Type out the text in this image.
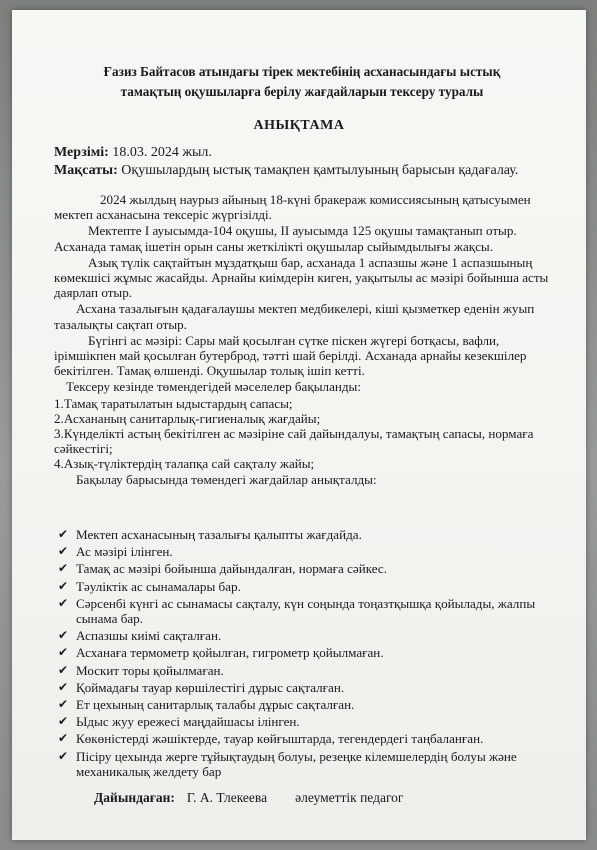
Ғазиз Байтасов атындағы тірек мектебінің асханасындағы ыстық
тамақтың оқушыларға берілу жағдайларын тексеру туралы
АНЫҚТАМА
Мерзімі: 18.03. 2024 жыл.
Мақсаты: Оқушылардың ыстық тамақпен қамтылуының барысын қадағалау.

2024 жылдың наурыз айының 18-күні бракераж комиссиясының қатысуымен мектеп асханасына тексеріс жүргізілді.

Мектепте І ауысымда-104 оқушы, ІІ ауысымда 125 оқушы тамақтанып отыр. Асханада тамақ ішетін орын саны жеткілікті оқушылар сыйымдылығы жақсы.

Азық түлік сақтайтын мұздатқыш бар, асханада 1 аспазшы және 1 аспазшының көмекшісі жұмыс жасайды. Арнайы киімдерін киген, уақытылы ас мәзірі бойынша асты даярлап отыр.

Асхана тазалығын қадағалаушы мектеп медбикелері, кіші қызметкер еденін жуып тазалықты сақтап отыр.

Бүгінгі ас мәзірі: Сары май қосылған сүтке піскен жүгері ботқасы, вафли, ірімшікпен май қосылған бутерброд, тәтті шай берілді. Асханада арнайы кезекшілер бекітілген. Тамақ өлшенді. Оқушылар толық ішіп кетті.

Тексеру кезінде төмендегідей мәселелер бақыланды:

1.Тамақ таратылатын ыдыстардың сапасы;

2.Асхананың санитарлық-гигиеналық жағдайы;

3.Күнделікті астың бекітілген ас мәзіріне сай дайындалуы, тамақтың сапасы, нормаға сәйкестігі;

4.Азық-түліктердің талапқа сай сақталу жайы;

Бақылау барысында төмендегі жағдайлар анықталды:

✔ Мектеп асханасының тазалығы қалыпты жағдайда.
✔ Ас мәзірі ілінген.
✔ Тамақ ас мәзірі бойынша дайындалған, нормаға сәйкес.
✔ Тәуліктік ас сынамалары бар.
✔ Сәрсенбі күнгі ас сынамасы сақталу, күн соңында тоңазтқышқа қойылады, жалпы сынама бар.
✔ Аспазшы киімі сақталған.
✔ Асханаға термометр қойылған, гигрометр қойылмаған.
✔ Москит торы қойылмаған.
✔ Қоймадағы тауар көршілестігі дұрыс сақталған.
✔ Ет цехының санитарлық талабы дұрыс сақталған.
✔ Ыдыс жуу ережесі маңдайшасы ілінген.
✔ Көкөністерді жәшіктерде, тауар көйғыштарда, тегендердегі таңбаланған.
✔ Пісіру цехында жерге тұйықтаудың болуы, резеңке кілемшелердің болуы және механикалық желдету бар
Дайындаған: Г. А. Тлекеева әлеуметтік педагог
